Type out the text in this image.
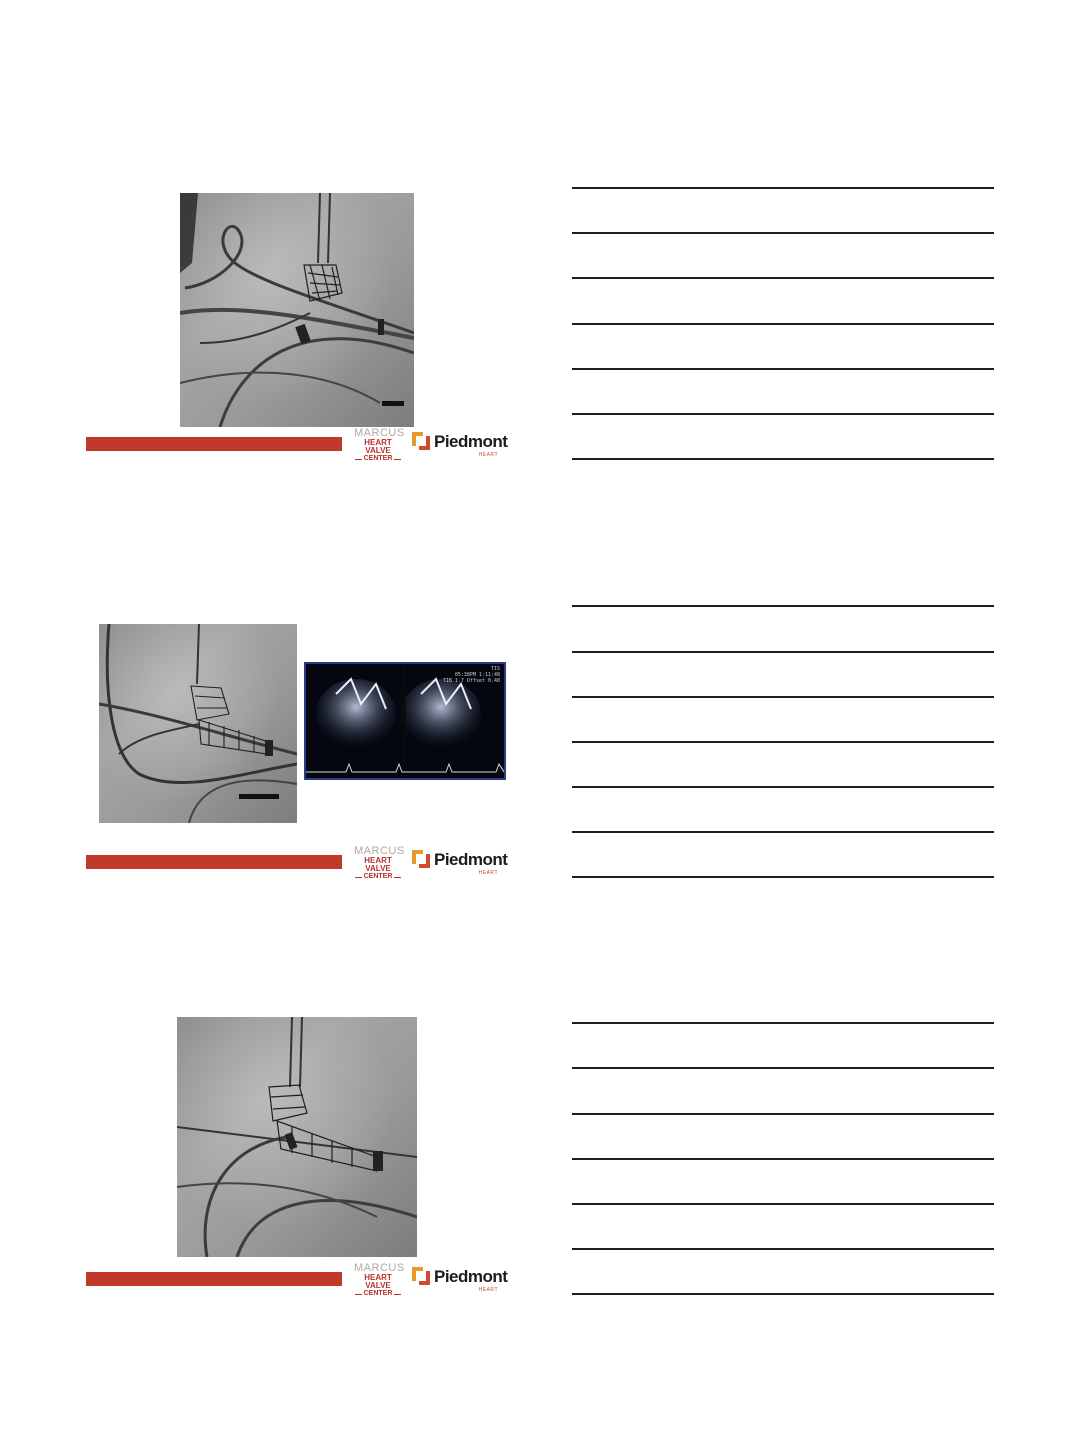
MARCUS
HEART VALVE
CENTER
Piedmont
HEART
TIS
05:38PM 1:11:48
TIB 1.7 Offset 0.48
MARCUS
HEART VALVE
CENTER
Piedmont
HEART
MARCUS
HEART VALVE
CENTER
Piedmont
HEART
